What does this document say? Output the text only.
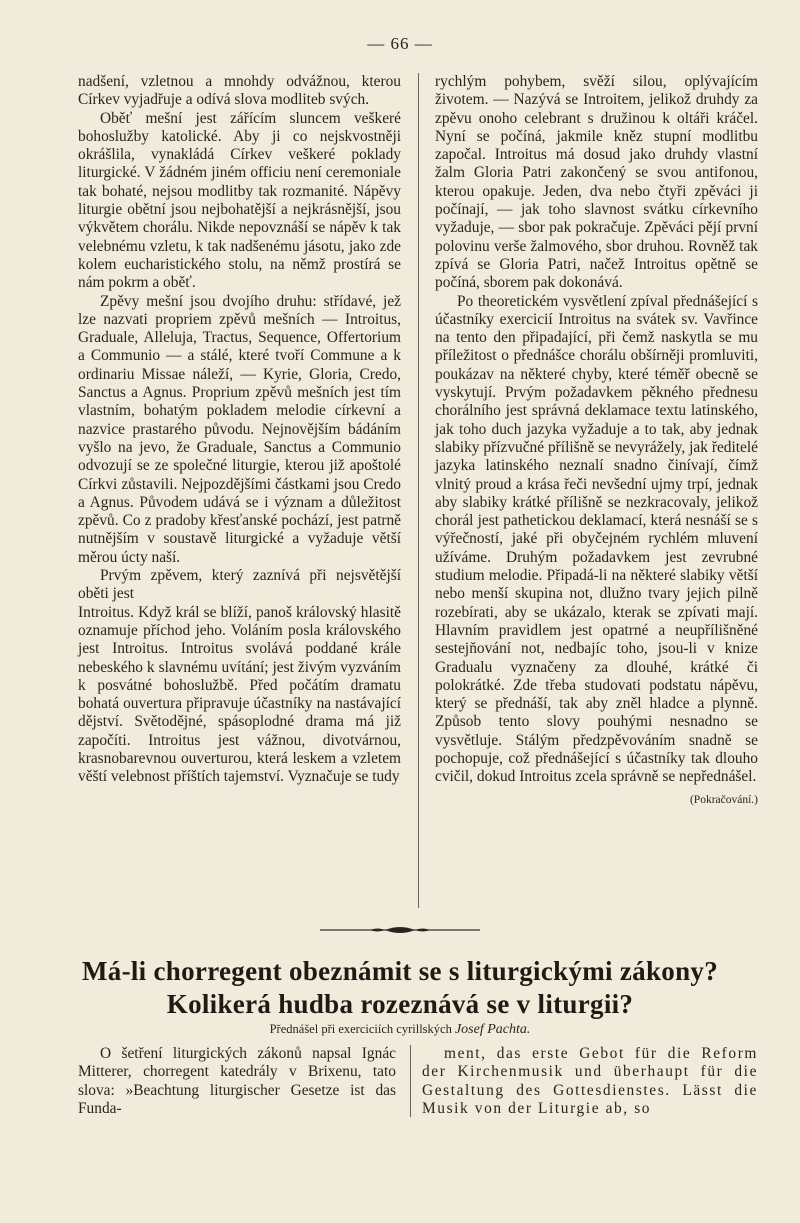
— 66 —

nadšení, vzletnou a mnohdy odvážnou, kterou Církev vyjadřuje a odívá slova modliteb svých.

Oběť mešní jest zářícím sluncem veškeré bohoslužby katolické. Aby ji co nejskvostněji okrášlila, vynakládá Církev veškeré poklady liturgické. V žádném jiném officiu není ceremoniale tak bohaté, nejsou modlitby tak rozmanité. Nápěvy liturgie obětní jsou nejbohatější a nejkrásnější, jsou výkvětem chorálu. Nikde nepovznáší se nápěv k tak velebnému vzletu, k tak nadšenému jásotu, jako zde kolem eucharistického stolu, na němž prostírá se nám pokrm a oběť.

Zpěvy mešní jsou dvojího druhu: střídavé, jež lze nazvati propriem zpěvů mešních — Introitus, Graduale, Alleluja, Tractus, Sequence, Offertorium a Communio — a stálé, které tvoří Commune a k ordinariu Missae náleží, — Kyrie, Gloria, Credo, Sanctus a Agnus. Proprium zpěvů mešních jest tím vlastním, bohatým pokladem melodie církevní a nazvice prastarého původu. Nejnovějším bádáním vyšlo na jevo, že Graduale, Sanctus a Communio odvozují se ze společné liturgie, kterou již apoštolé Církvi zůstavili. Nejpozdějšími částkami jsou Credo a Agnus. Původem udává se i význam a důležitost zpěvů. Co z pradoby křesťanské pochází, jest patrně nutnějším v soustavě liturgické a vyžaduje větší měrou úcty naší.

Prvým zpěvem, který zaznívá při nejsvětější oběti jest

Introitus. Když král se blíží, panoš královský hlasitě oznamuje příchod jeho. Voláním posla královského jest Introitus. Introitus svolává poddané krále nebeského k slavnému uvítání; jest živým vyzváním k posvátné bohoslužbě. Před počátím dramatu bohatá ouvertura připravuje účastníky na nastávající dějství. Světodějné, spásoplodné drama má již započíti. Introitus jest vážnou, divotvárnou, krasnobarevnou ouverturou, která leskem a vzletem věští velebnost příštích tajemství. Vyznačuje se tudy

rychlým pohybem, svěží silou, oplývajícím životem. — Nazývá se Introitem, jelikož druhdy za zpěvu onoho celebrant s družinou k oltáři kráčel. Nyní se počíná, jakmile kněz stupní modlitbu započal. Introitus má dosud jako druhdy vlastní žalm Gloria Patri zakončený se svou antifonou, kterou opakuje. Jeden, dva nebo čtyři zpěváci ji počínají, — jak toho slavnost svátku církevního vyžaduje, — sbor pak pokračuje. Zpěváci pějí první polovinu verše žalmového, sbor druhou. Rovněž tak zpívá se Gloria Patri, načež Introitus opětně se počíná, sborem pak dokonává.

Po theoretickém vysvětlení zpíval přednášející s účastníky exercicií Introitus na svátek sv. Vavřince na tento den připadající, při čemž naskytla se mu příležitost o přednášce chorálu obšírněji promluviti, poukázav na některé chyby, které téměř obecně se vyskytují. Prvým požadavkem pěkného přednesu chorálního jest správná deklamace textu latinského, jak toho duch jazyka vyžaduje a to tak, aby jednak slabiky přízvučné přílišně se nevyrážely, jak ředitelé jazyka latinského neznalí snadno činívají, čímž vlnitý proud a krása řeči nevšední ujmy trpí, jednak aby slabiky krátké přílišně se nezkracovaly, jelikož chorál jest pathetickou deklamací, která nesnáší se s výřečností, jaké při obyčejném rychlém mluvení užíváme. Druhým požadavkem jest zevrubné studium melodie. Připadá-li na některé slabiky větší nebo menší skupina not, dlužno tvary jejich pilně rozebírati, aby se ukázalo, kterak se zpívati mají. Hlavním pravidlem jest opatrné a neupřílišněné sestejňování not, nedbajíc toho, jsou-li v knize Gradualu vyznačeny za dlouhé, krátké či polokrátké. Zde třeba studovati podstatu nápěvu, který se přednáší, tak aby zněl hladce a plynně. Způsob tento slovy pouhými nesnadno se vysvětluje. Stálým předzpěvováním snadně se pochopuje, což přednášející s účastníky tak dlouho cvičil, dokud Introitus zcela správně se nepřednášel.

(Pokračování.)
Má-li chorregent obeznámit se s liturgickými zákony?
Kolikerá hudba rozeznává se v liturgii?
Přednášel při exerciciích cyrillských Josef Pachta.

O šetření liturgických zákonů napsal Ignác Mitterer, chorregent katedrály v Brixenu, tato slova: »Beachtung liturgischer Gesetze ist das Funda-

ment, das erste Gebot für die Reform der Kirchenmusik und überhaupt für die Gestaltung des Gottesdienstes. Lässt die Musik von der Liturgie ab, so
